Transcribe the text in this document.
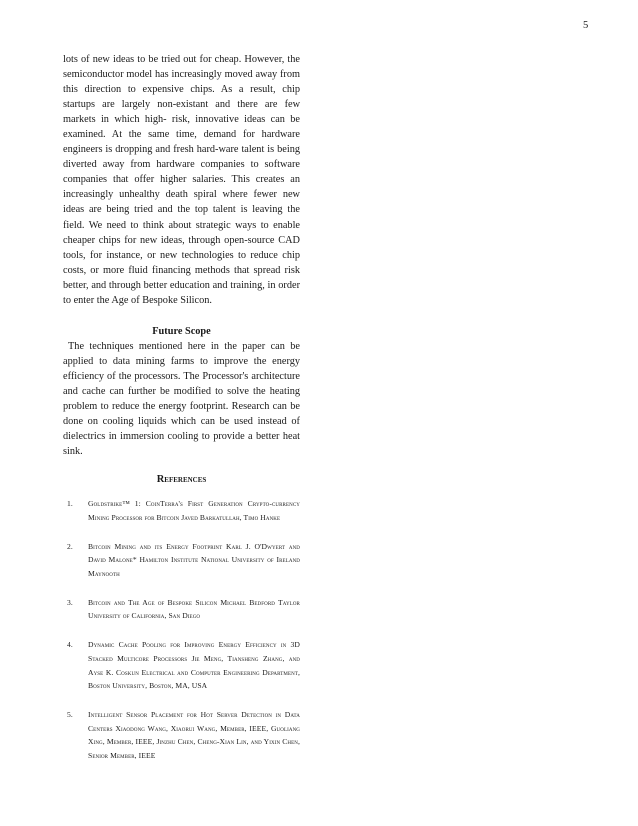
5

lots of new ideas to be tried out for cheap. However, the semiconductor model has increasingly moved away from this direction to expensive chips. As a result, chip startups are largely non-existant and there are few markets in which high- risk, innovative ideas can be examined. At the same time, demand for hardware engineers is dropping and fresh hard-ware talent is being diverted away from hardware companies to software companies that offer higher salaries. This creates an increasingly unhealthy death spiral where fewer new ideas are being tried and the top talent is leaving the field. We need to think about strategic ways to enable cheaper chips for new ideas, through open-source CAD tools, for instance, or new technologies to reduce chip costs, or more fluid financing methods that spread risk better, and through better education and training, in order to enter the Age of Bespoke Silicon.

Future Scope

The techniques mentioned here in the paper can be applied to data mining farms to improve the energy efficiency of the processors. The Processor's architecture and cache can further be modified to solve the heating problem to reduce the energy footprint. Research can be done on cooling liquids which can be used instead of dielectrics in immersion cooling to provide a better heat sink.

References
1. Goldstrike™ 1: CoinTerra's First Generation Crypto-currency Mining Processor for Bitcoin Javed Barkatullah, Timo Hanke
2. Bitcoin Mining and its Energy Footprint Karl J. O'Dwyert and David Malone* Hamilton Institute National University of Ireland Maynooth
3. Bitcoin and The Age of Bespoke Silicon Michael Bedford Taylor University of California, San Diego
4. Dynamic Cache Pooling for Improving Energy Efficiency in 3D Stacked Multicore Processors Jie Meng, Tiansheng Zhang, and Ayse K. Coskun Electrical and Computer Engineering Department, Boston University, Boston, MA, USA
5. Intelligent Sensor Placement for Hot Server Detection in Data Centers Xiaodong Wang, Xiaorui Wang, Member, IEEE, Guoliang Xing, Member, IEEE, Jinzhu Chen, Cheng-Xian Lin, and Yixin Chen, Senior Member, IEEE
